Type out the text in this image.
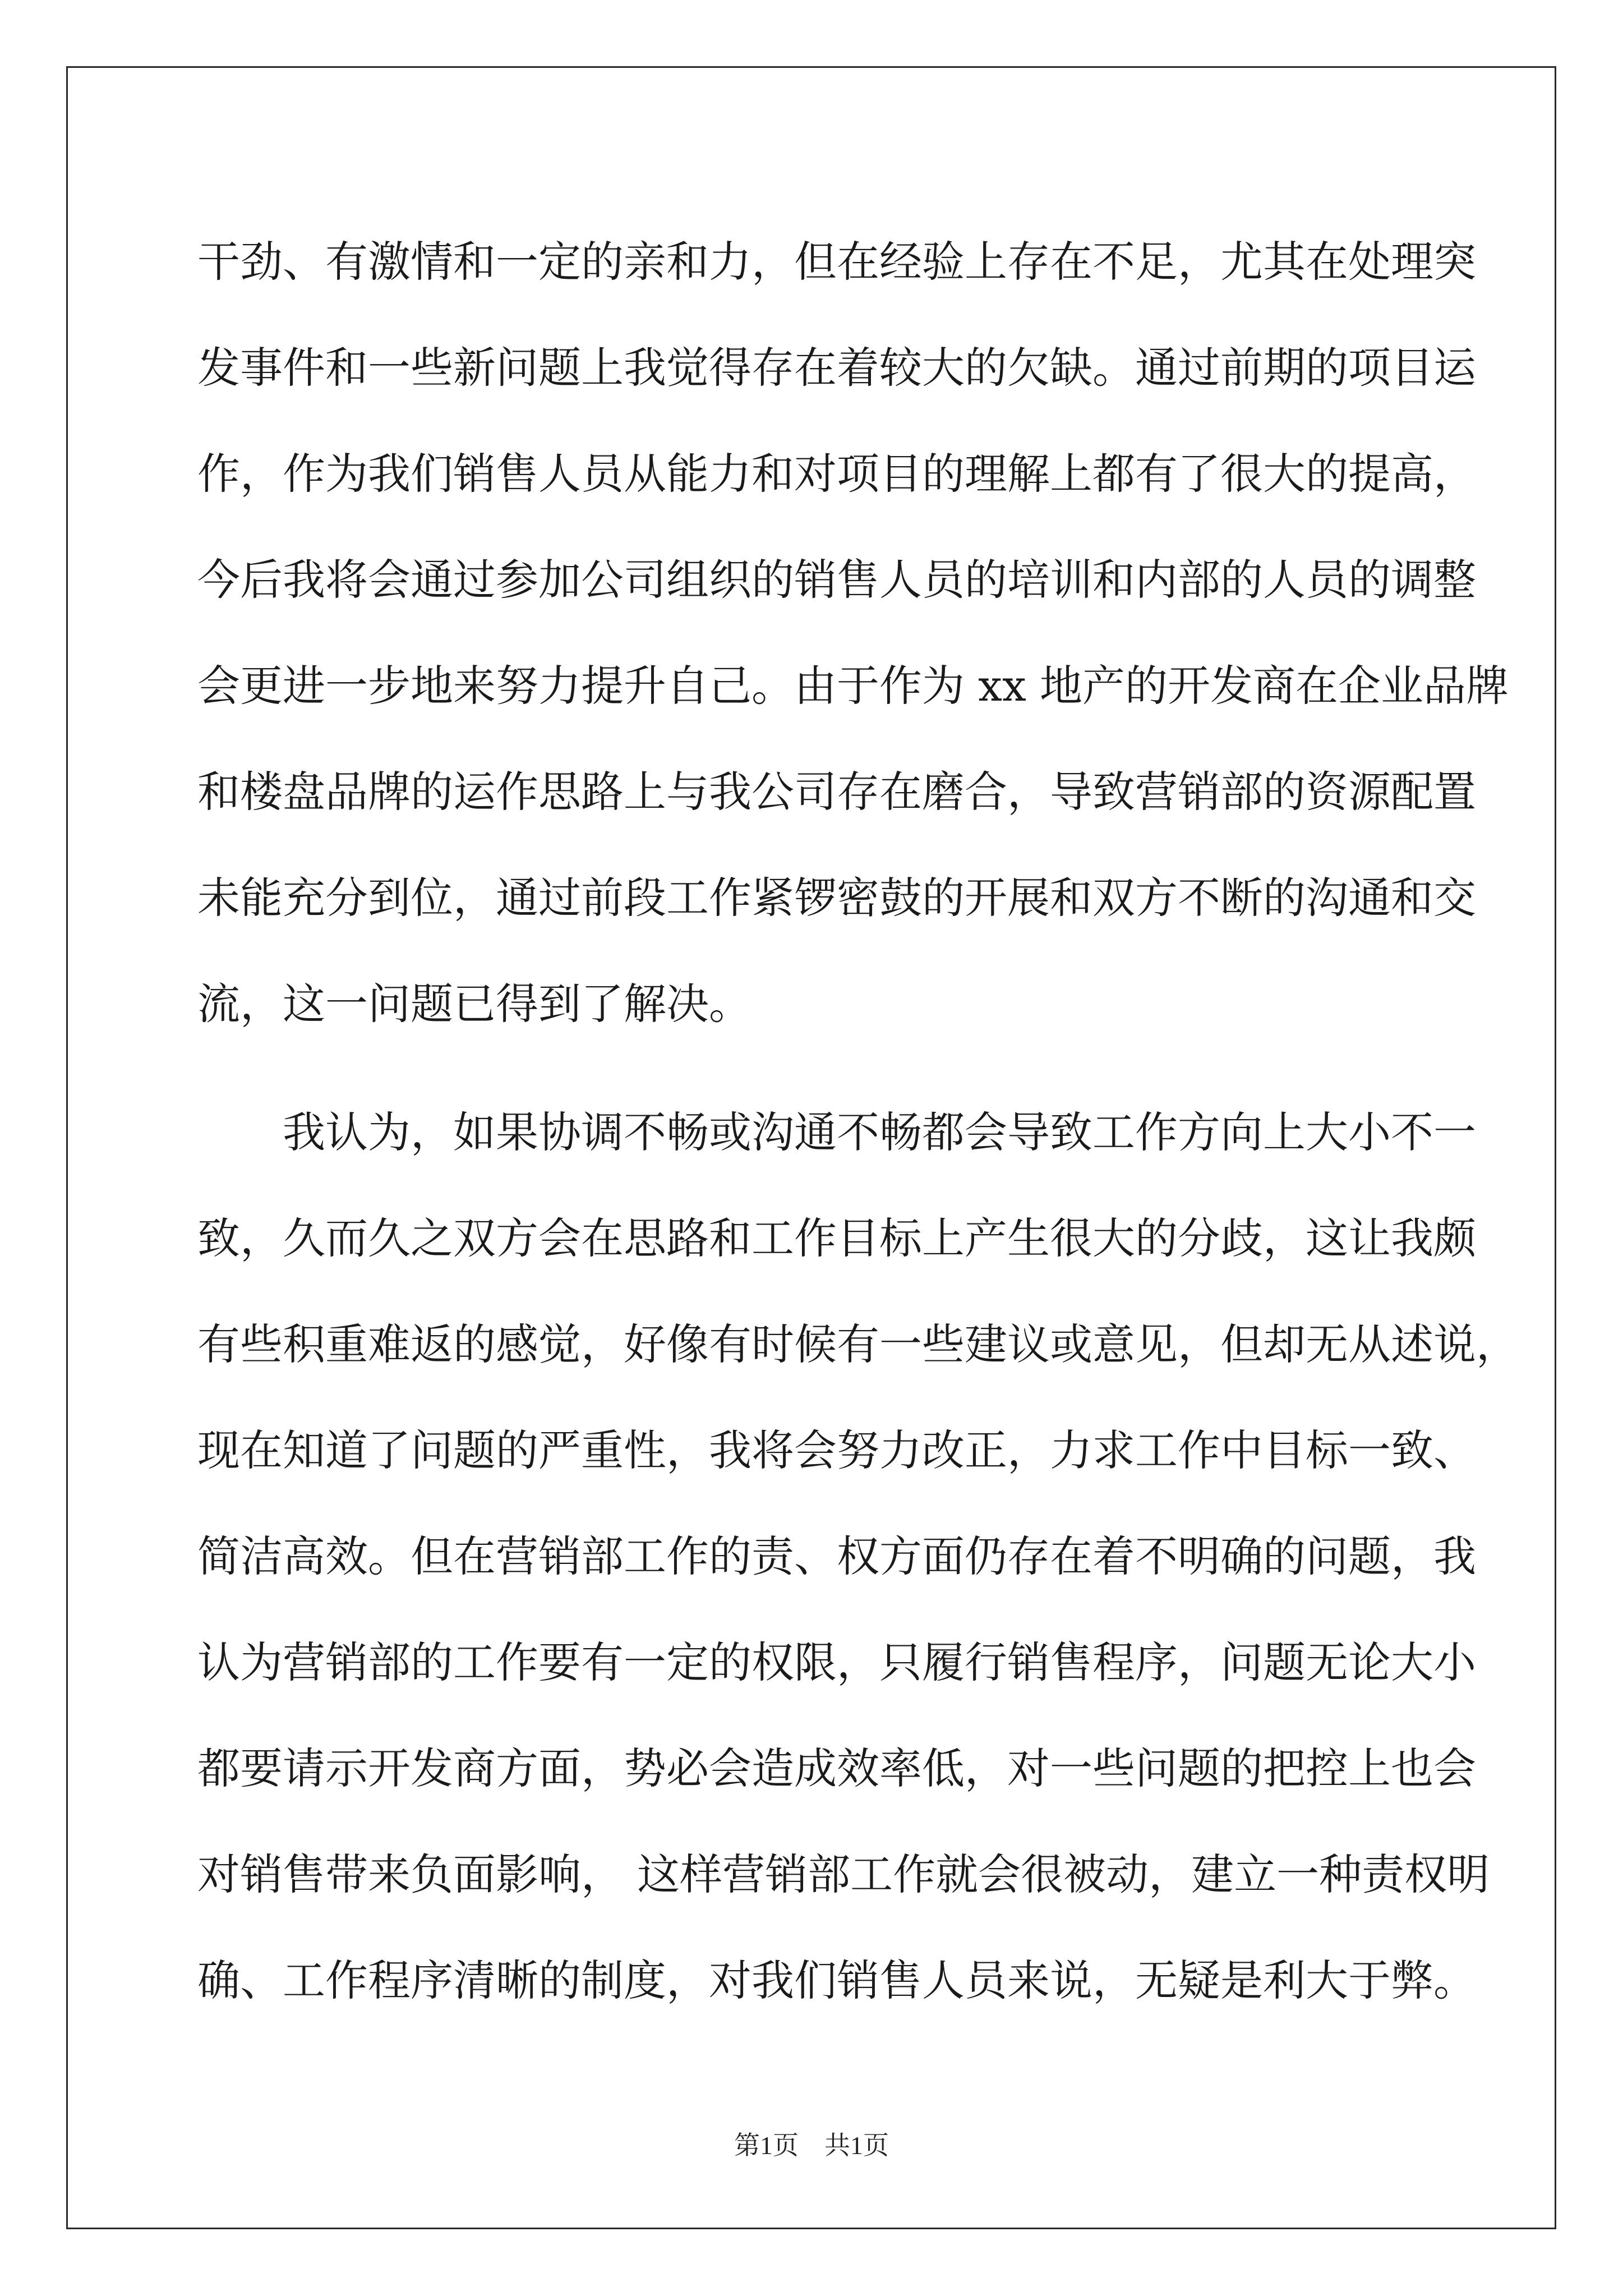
干劲、有激情和一定的亲和力，但在经验上存在不足，尤其在处理突
发事件和一些新问题上我觉得存在着较大的欠缺。通过前期的项目运
作，作为我们销售人员从能力和对项目的理解上都有了很大的提高，
今后我将会通过参加公司组织的销售人员的培训和内部的人员的调整
会更进一步地来努力提升自己。由于作为 xx 地产的开发商在企业品牌
和楼盘品牌的运作思路上与我公司存在磨合，导致营销部的资源配置
未能充分到位，通过前段工作紧锣密鼓的开展和双方不断的沟通和交
流，这一问题已得到了解决。
　　我认为，如果协调不畅或沟通不畅都会导致工作方向上大小不一
致，久而久之双方会在思路和工作目标上产生很大的分歧，这让我颇
有些积重难返的感觉，好像有时候有一些建议或意见，但却无从述说，
现在知道了问题的严重性，我将会努力改正，力求工作中目标一致、
简洁高效。但在营销部工作的责、权方面仍存在着不明确的问题，我
认为营销部的工作要有一定的权限，只履行销售程序，问题无论大小
都要请示开发商方面，势必会造成效率低，对一些问题的把控上也会
对销售带来负面影响， 这样营销部工作就会很被动，建立一种责权明
确、工作程序清晰的制度，对我们销售人员来说，无疑是利大于弊。
第1页 共1页
